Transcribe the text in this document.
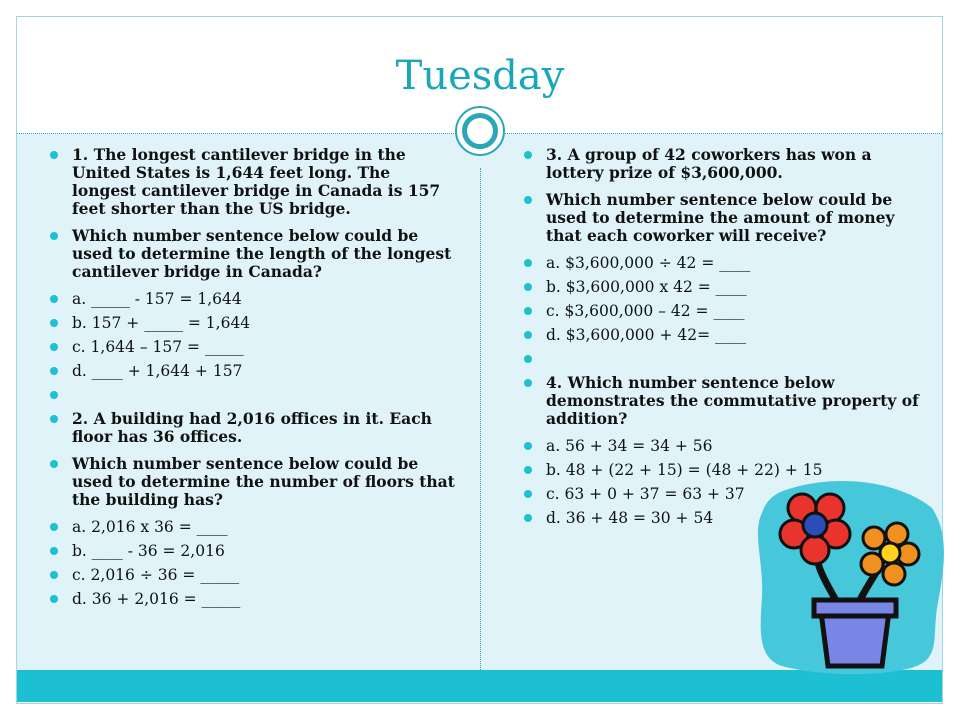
Tuesday
1. The longest cantilever bridge in the United States is 1,644 feet long. The longest cantilever bridge in Canada is 157 feet shorter than the US bridge.
Which number sentence below could be used to determine the length of the longest cantilever bridge in Canada?
a. _____ - 157 = 1,644
b. 157 + _____ = 1,644
c. 1,644 – 157 = _____
d. ____ + 1,644 + 157
2. A building had 2,016 offices in it. Each floor has 36 offices.
Which number sentence below could be used to determine the number of floors that the building has?
a. 2,016 x 36 = ____
b. ____ - 36 = 2,016
c. 2,016 ÷ 36 = _____
d. 36 + 2,016 = _____
3. A group of 42 coworkers has won a lottery prize of $3,600,000.
Which number sentence below could be used to determine the amount of money that each coworker will receive?
a. $3,600,000 ÷ 42 = ____
b. $3,600,000 x 42 = ____
c. $3,600,000 – 42 = ____
d. $3,600,000 + 42= ____
4. Which number sentence below demonstrates the commutative property of addition?
a. 56 + 34 = 34 + 56
b. 48 + (22 + 15) = (48 + 22) + 15
c. 63 + 0 + 37 = 63 + 37
d. 36 + 48 = 30 + 54
